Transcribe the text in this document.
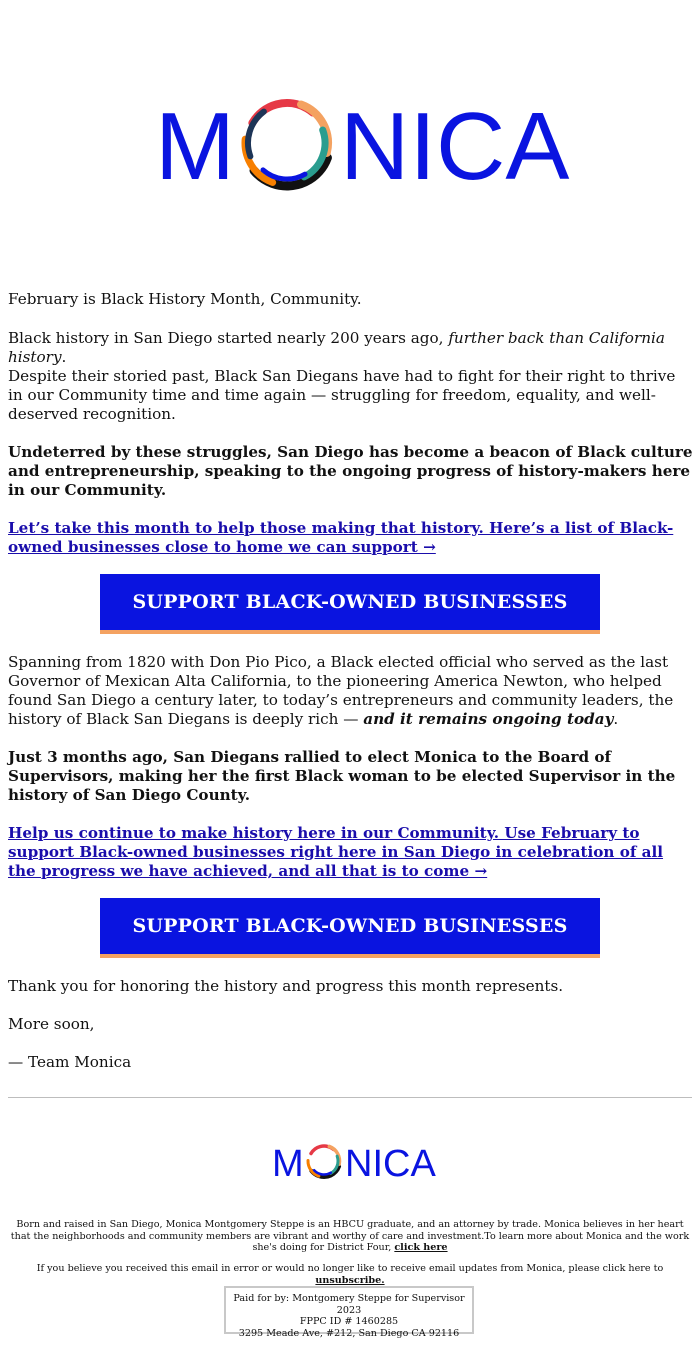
M NICA

February is Black History Month, Community.

Black history in San Diego started nearly 200 years ago, further back than California history.

Despite their storied past, Black San Diegans have had to fight for their right to thrive in our Community time and time again — struggling for freedom, equality, and well-deserved recognition.

Undeterred by these struggles, San Diego has become a beacon of Black culture and entrepreneurship, speaking to the ongoing progress of history-makers here in our Community.

Let’s take this month to help those making that history. Here’s a list of Black-owned businesses close to home we can support →

SUPPORT BLACK-OWNED BUSINESSES

Spanning from 1820 with Don Pio Pico, a Black elected official who served as the last Governor of Mexican Alta California, to the pioneering America Newton, who helped found San Diego a century later, to today’s entrepreneurs and community leaders, the history of Black San Diegans is deeply rich — and it remains ongoing today.

Just 3 months ago, San Diegans rallied to elect Monica to the Board of Supervisors, making her the first Black woman to be elected Supervisor in the history of San Diego County.

Help us continue to make history here in our Community. Use February to support Black-owned businesses right here in San Diego in celebration of all the progress we have achieved, and all that is to come →

SUPPORT BLACK-OWNED BUSINESSES

Thank you for honoring the history and progress this month represents.

More soon,

— Team Monica

M NICA

Born and raised in San Diego, Monica Montgomery Steppe is an HBCU graduate, and an attorney by trade. Monica believes in her heart that the neighborhoods and community members are vibrant and worthy of care and investment.To learn more about Monica and the work she's doing for District Four, click here

If you believe you received this email in error or would no longer like to receive email updates from Monica, please click here to unsubscribe.

Paid for by: Montgomery Steppe for Supervisor 2023
FPPC ID # 1460285
3295 Meade Ave, #212, San Diego CA 92116
